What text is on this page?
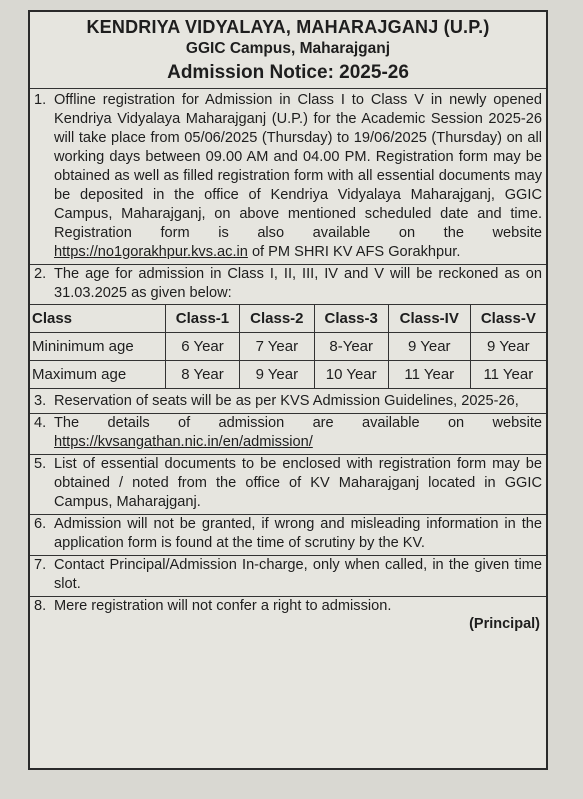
KENDRIYA VIDYALAYA, MAHARAJGANJ (U.P.)
GGIC Campus, Maharajganj
Admission Notice: 2025-26
1. Offline registration for Admission in Class I to Class V in newly opened Kendriya Vidyalaya Maharajganj (U.P.) for the Academic Session 2025-26 will take place from 05/06/2025 (Thursday) to 19/06/2025 (Thursday) on all working days between 09.00 AM and 04.00 PM. Registration form may be obtained as well as filled registration form with all essential documents may be deposited in the office of Kendriya Vidyalaya Maharajganj, GGIC Campus, Maharajganj, on above mentioned scheduled date and time. Registration form is also available on the website https://no1gorakhpur.kvs.ac.in of PM SHRI KV AFS Gorakhpur.
2. The age for admission in Class I, II, III, IV and V will be reckoned as on 31.03.2025 as given below:
Class	Class-1	Class-2	Class-3	Class-IV	Class-V
Mininimum age	6 Year	7 Year	8-Year	9 Year	9 Year
Maximum age	8 Year	9 Year	10 Year	11 Year	11 Year
3. Reservation of seats will be as per KVS Admission Guidelines, 2025-26,
4. The details of admission are available on website https://kvsangathan.nic.in/en/admission/
5. List of essential documents to be enclosed with registration form may be obtained / noted from the office of KV Maharajganj located in GGIC Campus, Maharajganj.
6. Admission will not be granted, if wrong and misleading information in the application form is found at the time of scrutiny by the KV.
7. Contact Principal/Admission In-charge, only when called, in the given time slot.
8. Mere registration will not confer a right to admission.
(Principal)
